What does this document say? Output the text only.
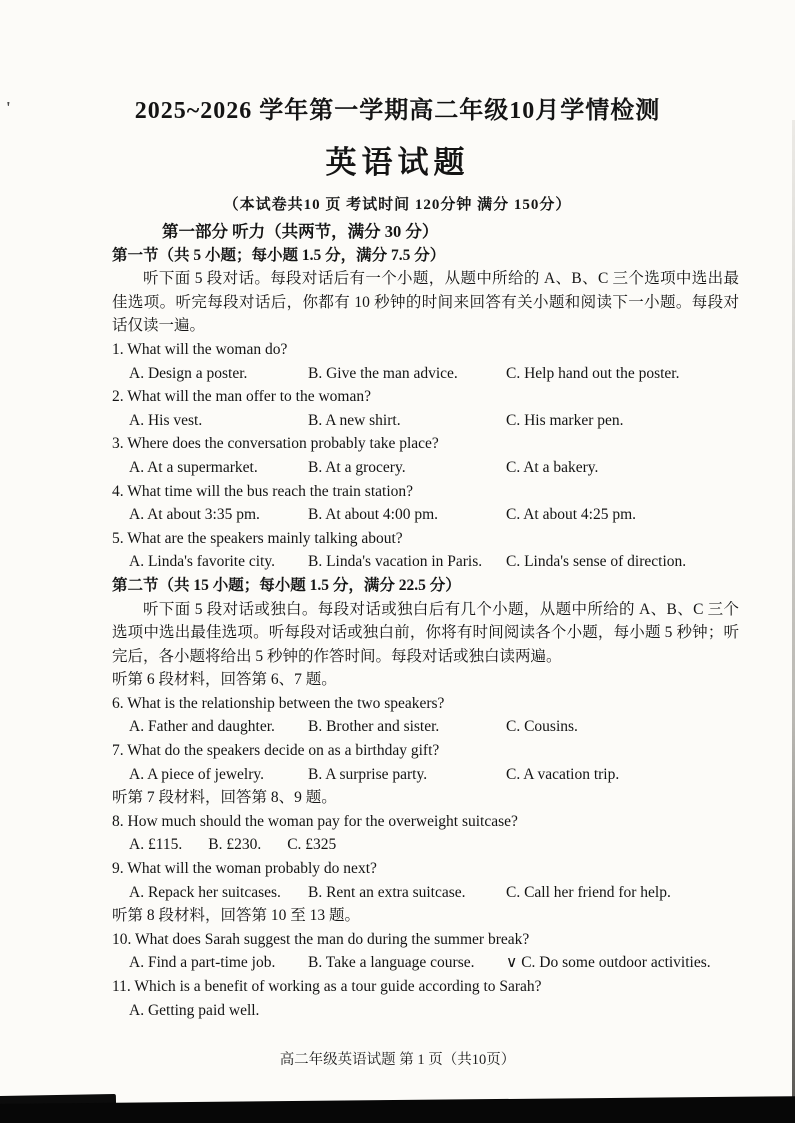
'	2025~2026 学年第一学期高二年级10月学情检测
英语试题
（本试卷共10 页 考试时间 120分钟 满分 150分）
第一部分 听力（共两节，满分 30 分）
第一节（共 5 小题；每小题 1.5 分，满分 7.5 分）
听下面 5 段对话。每段对话后有一个小题，从题中所给的 A、B、C 三个选项中选出最佳选项。听完每段对话后，你都有 10 秒钟的时间来回答有关小题和阅读下一小题。每段对话仅读一遍。
1. What will the woman do?
A. Design a poster.	B. Give the man advice.	C. Help hand out the poster.
2. What will the man offer to the woman?
A. His vest.	B. A new shirt.	C. His marker pen.
3. Where does the conversation probably take place?
A. At a supermarket.	B. At a grocery.	C. At a bakery.
4. What time will the bus reach the train station?
A. At about 3:35 pm.	B. At about 4:00 pm.	C. At about 4:25 pm.
5. What are the speakers mainly talking about?
A. Linda's favorite city.	B. Linda's vacation in Paris.	C. Linda's sense of direction.
第二节（共 15 小题；每小题 1.5 分，满分 22.5 分）
听下面 5 段对话或独白。每段对话或独白后有几个小题，从题中所给的 A、B、C 三个选项中选出最佳选项。听每段对话或独白前，你将有时间阅读各个小题，每小题 5 秒钟；听完后，各小题将给出 5 秒钟的作答时间。每段对话或独白读两遍。
听第 6 段材料，回答第 6、7 题。
6. What is the relationship between the two speakers?
A. Father and daughter.	B. Brother and sister.	C. Cousins.
7. What do the speakers decide on as a birthday gift?
A. A piece of jewelry.	B. A surprise party.	C. A vacation trip.
听第 7 段材料，回答第 8、9 题。
8. How much should the woman pay for the overweight suitcase?
A. £115. B. £230. C. £325
9. What will the woman probably do next?
A. Repack her suitcases.	B. Rent an extra suitcase.	C. Call her friend for help.
听第 8 段材料，回答第 10 至 13 题。
10. What does Sarah suggest the man do during the summer break?
A. Find a part-time job.	B. Take a language course.	∨ C. Do some outdoor activities.
11. Which is a benefit of working as a tour guide according to Sarah?
A. Getting paid well.
高二年级英语试题 第 1 页（共10页）
